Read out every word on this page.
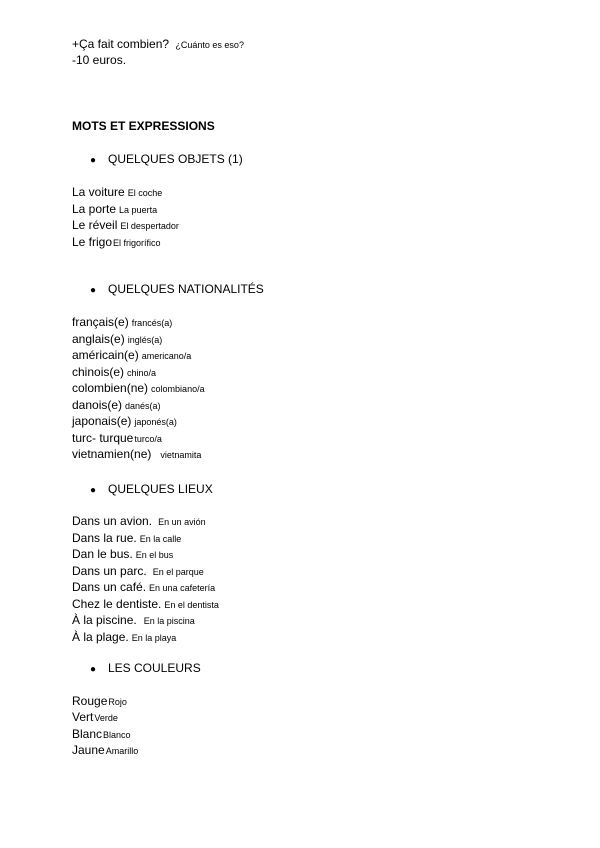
+Ça fait combien? ¿Cuánto es eso?
-10 euros.
MOTS ET EXPRESSIONS
● QUELQUES OBJETS (1)
La voiture El coche
La porte La puerta
Le réveil El despertador
Le frigoEl frigorífico
● QUELQUES NATIONALITÉS
français(e) francés(a)
anglais(e) inglés(a)
américain(e) americano/a
chinois(e) chino/a
colombien(ne) colombiano/a
danois(e) danés(a)
japonais(e) japonés(a)
turc- turqueturco/a
vietnamien(ne) vietnamita
● QUELQUES LIEUX
Dans un avion. En un avión
Dans la rue. En la calle
Dan le bus. En el bus
Dans un parc. En el parque
Dans un café. En una cafetería
Chez le dentiste. En el dentista
À la piscine. En la piscina
À la plage. En la playa
● LES COULEURS
RougeRojo
VertVerde
BlancBlanco
JauneAmarillo
